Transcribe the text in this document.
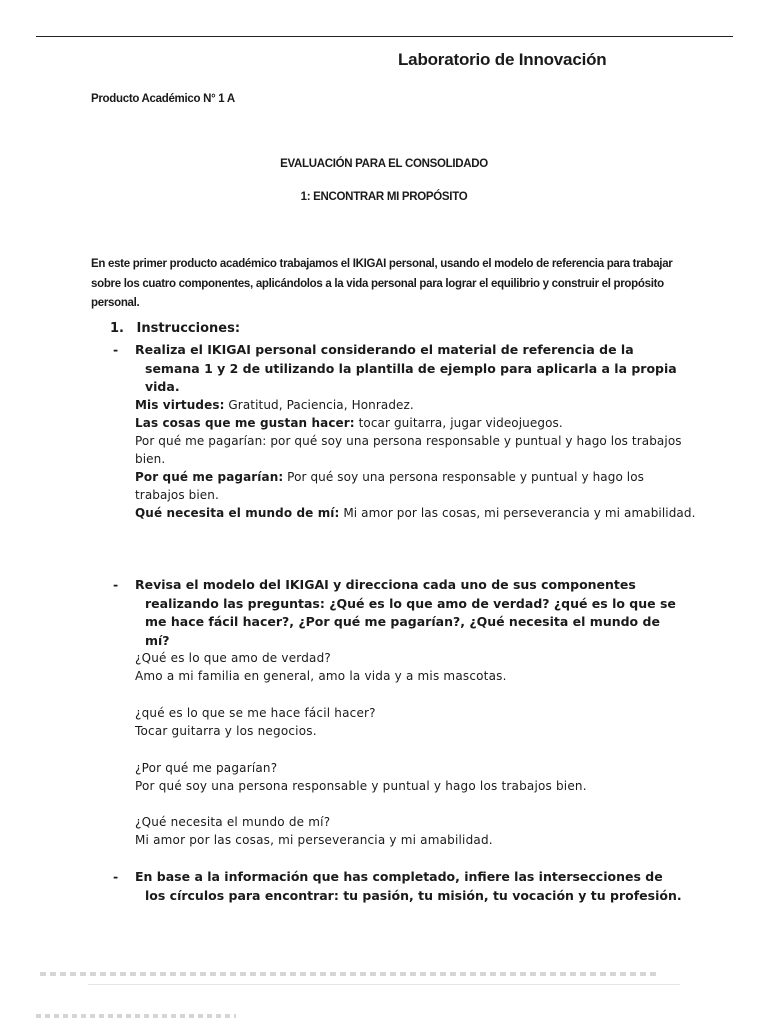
Laboratorio de Innovación
Producto Académico N° 1 A
EVALUACIÓN PARA EL CONSOLIDADO
1: ENCONTRAR MI PROPÓSITO
En este primer producto académico trabajamos el IKIGAI personal, usando el modelo de referencia para trabajar sobre los cuatro componentes, aplicándolos a la vida personal para lograr el equilibrio y construir el propósito personal.
1. Instrucciones:
- Realiza el IKIGAI personal considerando el material de referencia de la semana 1 y 2 de utilizando la plantilla de ejemplo para aplicarla a la propia vida.
Mis virtudes: Gratitud, Paciencia, Honradez.
Las cosas que me gustan hacer: tocar guitarra, jugar videojuegos.
Por qué me pagarían: por qué soy una persona responsable y puntual y hago los trabajos bien.
Por qué me pagarían: Por qué soy una persona responsable y puntual y hago los trabajos bien.
Qué necesita el mundo de mí: Mi amor por las cosas, mi perseverancia y mi amabilidad.
- Revisa el modelo del IKIGAI y direcciona cada uno de sus componentes realizando las preguntas: ¿Qué es lo que amo de verdad? ¿qué es lo que se me hace fácil hacer?, ¿Por qué me pagarían?, ¿Qué necesita el mundo de mí?
¿Qué es lo que amo de verdad?
Amo a mi familia en general, amo la vida y a mis mascotas.
¿qué es lo que se me hace fácil hacer?
Tocar guitarra y los negocios.
¿Por qué me pagarían?
Por qué soy una persona responsable y puntual y hago los trabajos bien.
¿Qué necesita el mundo de mí?
Mi amor por las cosas, mi perseverancia y mi amabilidad.
- En base a la información que has completado, infiere las intersecciones de los círculos para encontrar: tu pasión, tu misión, tu vocación y tu profesión.
